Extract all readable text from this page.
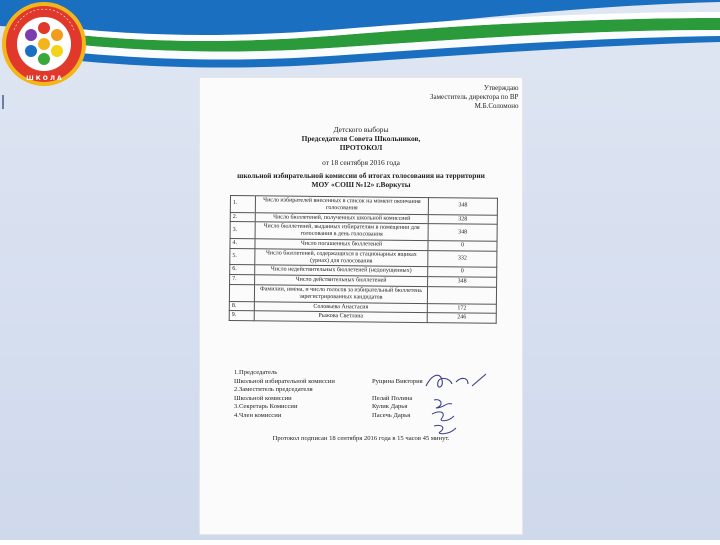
Ш К О Л А
Утверждаю
Заместитель директора по ВР
М.Б.Соломоно
Детского выборы
Председателя Совета Школьников,
ПРОТОКОЛ
от 18 сентября 2016 года
школьной избирательной комиссии об итогах голосования на территории
МОУ «СОШ №12» г.Воркуты
1.	Число избирателей внесенных в список на момент окончания голосования	348
2.	Число бюллетеней, полученных школьной комиссией	328
3.	Число бюллетеней, выданных избирателям в помещении для голосования в день голосования	348
4.	Число погашенных бюллетеней	0
5.	Число бюллетеней, содержащихся в стационарных ящиках (урнах) для голосования	332
6.	Число недействительных бюллетеней (недопущенных)	0
7.	Число действительных бюллетеней	348
	Фамилии, имена, и число голосов за избирательный бюллетень зарегистрированных кандидатов	
8.	Соловьева Анастасия	172
9.	Рыжова Светлана	246
1.Председатель
Школьной избирательной комиссии	Рущина Виктория
2.Заместитель председателя
Школьной комиссии	Пелай Полина
3.Секретарь Комиссии	Кулик Дарья
4.Член комиссии	Пасечь Дарья
Протокол подписан 18 сентября 2016 года в 15 часов 45 минут.
